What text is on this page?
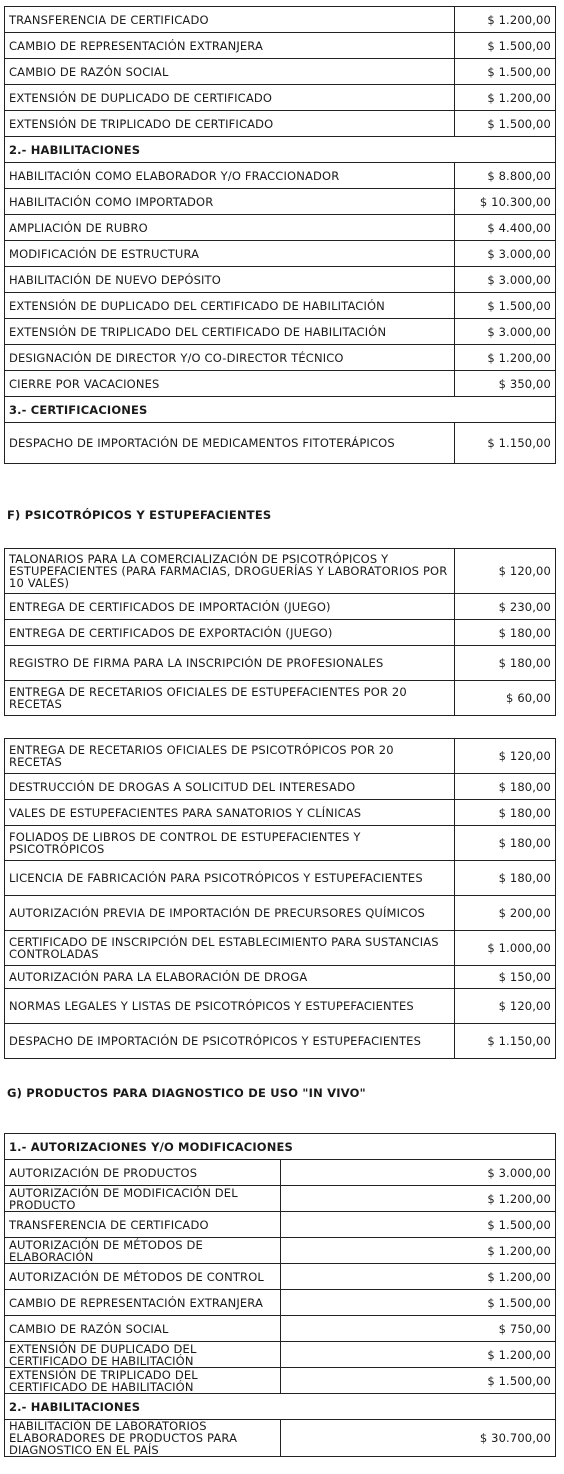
TRANSFERENCIA DE CERTIFICADO	$ 1.200,00
CAMBIO DE REPRESENTACIÓN EXTRANJERA	$ 1.500,00
CAMBIO DE RAZÓN SOCIAL	$ 1.500,00
EXTENSIÓN DE DUPLICADO DE CERTIFICADO	$ 1.200,00
EXTENSIÓN DE TRIPLICADO DE CERTIFICADO	$ 1.500,00
2.- HABILITACIONES	
HABILITACIÓN COMO ELABORADOR Y/O FRACCIONADOR	$ 8.800,00
HABILITACIÓN COMO IMPORTADOR	$ 10.300,00
AMPLIACIÓN DE RUBRO	$ 4.400,00
MODIFICACIÓN DE ESTRUCTURA	$ 3.000,00
HABILITACIÓN DE NUEVO DEPÓSITO	$ 3.000,00
EXTENSIÓN DE DUPLICADO DEL CERTIFICADO DE HABILITACIÓN	$ 1.500,00
EXTENSIÓN DE TRIPLICADO DEL CERTIFICADO DE HABILITACIÓN	$ 3.000,00
DESIGNACIÓN DE DIRECTOR Y/O CO-DIRECTOR TÉCNICO	$ 1.200,00
CIERRE POR VACACIONES	$ 350,00
3.- CERTIFICACIONES	
DESPACHO DE IMPORTACIÓN DE MEDICAMENTOS FITOTERÁPICOS	$ 1.150,00
F) PSICOTRÓPICOS Y ESTUPEFACIENTES
TALONARIOS PARA LA COMERCIALIZACIÓN DE PSICOTRÓPICOS Y ESTUPEFACIENTES (PARA FARMACIAS, DROGUERÍAS Y LABORATORIOS POR 10 VALES)	$ 120,00
ENTREGA DE CERTIFICADOS DE IMPORTACIÓN (JUEGO)	$ 230,00
ENTREGA DE CERTIFICADOS DE EXPORTACIÓN (JUEGO)	$ 180,00
REGISTRO DE FIRMA PARA LA INSCRIPCIÓN DE PROFESIONALES	$ 180,00
ENTREGA DE RECETARIOS OFICIALES DE ESTUPEFACIENTES POR 20 RECETAS	$ 60,00
ENTREGA DE RECETARIOS OFICIALES DE PSICOTRÓPICOS POR 20 RECETAS	$ 120,00
DESTRUCCIÓN DE DROGAS A SOLICITUD DEL INTERESADO	$ 180,00
VALES DE ESTUPEFACIENTES PARA SANATORIOS Y CLÍNICAS	$ 180,00
FOLIADOS DE LIBROS DE CONTROL DE ESTUPEFACIENTES Y PSICOTRÓPICOS	$ 180,00
LICENCIA DE FABRICACIÓN PARA PSICOTRÓPICOS Y ESTUPEFACIENTES	$ 180,00
AUTORIZACIÓN PREVIA DE IMPORTACIÓN DE PRECURSORES QUÍMICOS	$ 200,00
CERTIFICADO DE INSCRIPCIÓN DEL ESTABLECIMIENTO PARA SUSTANCIAS CONTROLADAS	$ 1.000,00
AUTORIZACIÓN PARA LA ELABORACIÓN DE DROGA	$ 150,00
NORMAS LEGALES Y LISTAS DE PSICOTRÓPICOS Y ESTUPEFACIENTES	$ 120,00
DESPACHO DE IMPORTACIÓN DE PSICOTRÓPICOS Y ESTUPEFACIENTES	$ 1.150,00
G) PRODUCTOS PARA DIAGNOSTICO DE USO "IN VIVO"
1.- AUTORIZACIONES Y/O MODIFICACIONES	
AUTORIZACIÓN DE PRODUCTOS	$ 3.000,00
AUTORIZACIÓN DE MODIFICACIÓN DEL PRODUCTO	$ 1.200,00
TRANSFERENCIA DE CERTIFICADO	$ 1.500,00
AUTORIZACIÓN DE MÉTODOS DE ELABORACIÓN	$ 1.200,00
AUTORIZACIÓN DE MÉTODOS DE CONTROL	$ 1.200,00
CAMBIO DE REPRESENTACIÓN EXTRANJERA	$ 1.500,00
CAMBIO DE RAZÓN SOCIAL	$ 750,00
EXTENSIÓN DE DUPLICADO DEL CERTIFICADO DE HABILITACIÓN	$ 1.200,00
EXTENSIÓN DE TRIPLICADO DEL CERTIFICADO DE HABILITACIÓN	$ 1.500,00
2.- HABILITACIONES	
HABILITACIÓN DE LABORATORIOS ELABORADORES DE PRODUCTOS PARA DIAGNOSTICO EN EL PAÍS	$ 30.700,00
